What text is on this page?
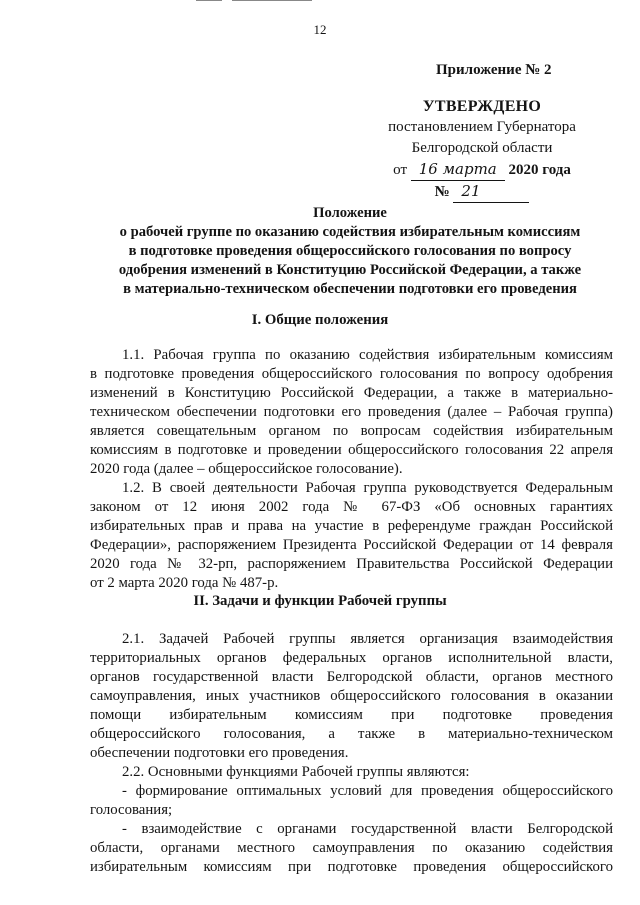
12
Приложение № 2
УТВЕРЖДЕНО
постановлением Губернатора
Белгородской области
от 16 марта 2020 года
№ 21
Положение
о рабочей группе по оказанию содействия избирательным комиссиям
в подготовке проведения общероссийского голосования по вопросу
одобрения изменений в Конституцию Российской Федерации, а также
в материально-техническом обеспечении подготовки его проведения
I. Общие положения
1.1. Рабочая группа по оказанию содействия избирательным комиссиям
в подготовке проведения общероссийского голосования по вопросу одобрения
изменений в Конституцию Российской Федерации, а также в материально-
техническом обеспечении подготовки его проведения (далее – Рабочая группа)
является совещательным органом по вопросам содействия избирательным
комиссиям в подготовке и проведении общероссийского голосования 22 апреля
2020 года (далее – общероссийское голосование).
1.2. В своей деятельности Рабочая группа руководствуется Федеральным
законом от 12 июня 2002 года № 67-ФЗ «Об основных гарантиях
избирательных прав и права на участие в референдуме граждан Российской
Федерации», распоряжением Президента Российской Федерации от 14 февраля
2020 года № 32-рп, распоряжением Правительства Российской Федерации
от 2 марта 2020 года № 487-р.
II. Задачи и функции Рабочей группы
2.1. Задачей Рабочей группы является организация взаимодействия
территориальных органов федеральных органов исполнительной власти,
органов государственной власти Белгородской области, органов местного
самоуправления, иных участников общероссийского голосования в оказании
помощи избирательным комиссиям при подготовке проведения
общероссийского голосования, а также в материально-техническом
обеспечении подготовки его проведения.
2.2. Основными функциями Рабочей группы являются:
- формирование оптимальных условий для проведения общероссийского
голосования;
- взаимодействие с органами государственной власти Белгородской
области, органами местного самоуправления по оказанию содействия
избирательным комиссиям при подготовке проведения общероссийского
